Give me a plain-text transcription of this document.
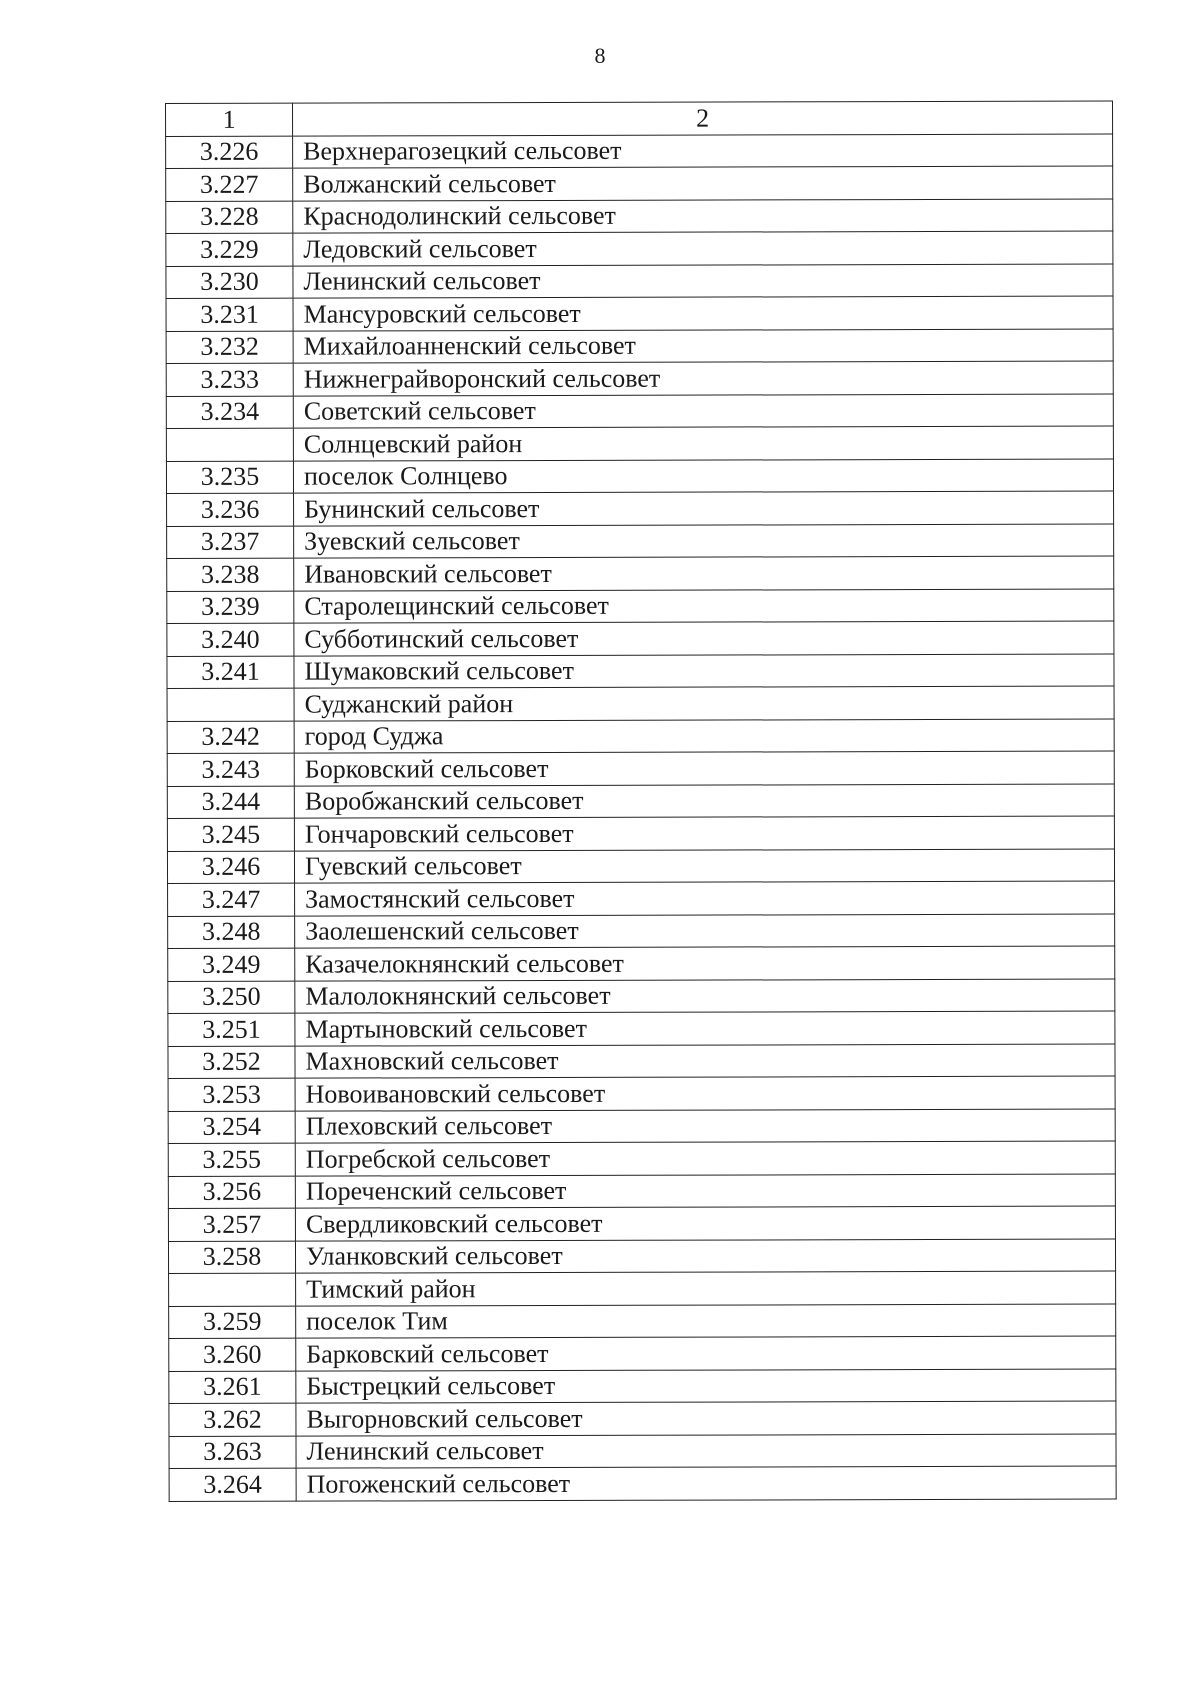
8
1	2
3.226	Верхнерагозецкий сельсовет
3.227	Волжанский сельсовет
3.228	Краснодолинский сельсовет
3.229	Ледовский сельсовет
3.230	Ленинский сельсовет
3.231	Мансуровский сельсовет
3.232	Михайлоанненский сельсовет
3.233	Нижнеграйворонский сельсовет
3.234	Советский сельсовет
	Солнцевский район
3.235	поселок Солнцево
3.236	Бунинский сельсовет
3.237	Зуевский сельсовет
3.238	Ивановский сельсовет
3.239	Старолещинский сельсовет
3.240	Субботинский сельсовет
3.241	Шумаковский сельсовет
	Суджанский район
3.242	город Суджа
3.243	Борковский сельсовет
3.244	Воробжанский сельсовет
3.245	Гончаровский сельсовет
3.246	Гуевский сельсовет
3.247	Замостянский сельсовет
3.248	Заолешенский сельсовет
3.249	Казачелокнянский сельсовет
3.250	Малолокнянский сельсовет
3.251	Мартыновский сельсовет
3.252	Махновский сельсовет
3.253	Новоивановский сельсовет
3.254	Плеховский сельсовет
3.255	Погребской сельсовет
3.256	Пореченский сельсовет
3.257	Свердликовский сельсовет
3.258	Уланковский сельсовет
	Тимский район
3.259	поселок Тим
3.260	Барковский сельсовет
3.261	Быстрецкий сельсовет
3.262	Выгорновский сельсовет
3.263	Ленинский сельсовет
3.264	Погоженский сельсовет
